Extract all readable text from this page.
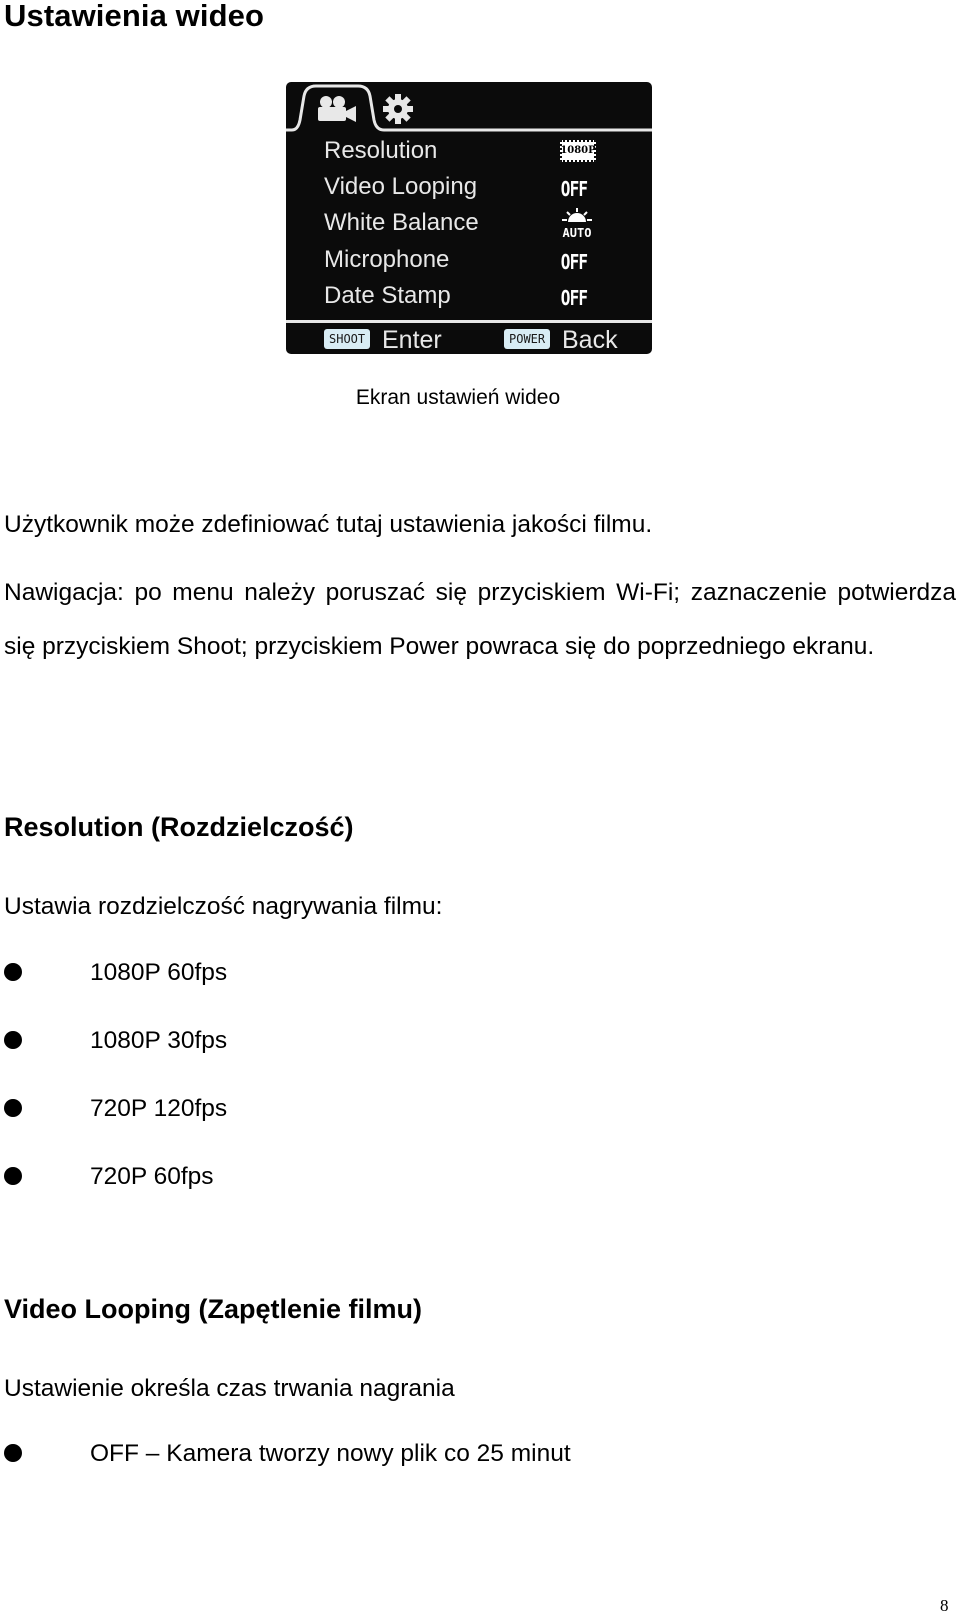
Ustawienia wideo
Resolution	1080P
Video Looping	OFF
White Balance	AUTO
Microphone	OFF
Date Stamp	OFF
SHOOT Enter	POWER Back
Ekran ustawień wideo

Użytkownik może zdefiniować tutaj ustawienia jakości filmu.

Nawigacja: po menu należy poruszać się przyciskiem Wi-Fi; zaznaczenie potwierdza się przyciskiem Shoot; przyciskiem Power powraca się do poprzedniego ekranu.

Resolution (Rozdzielczość)

Ustawia rozdzielczość nagrywania filmu:

1080P 60fps
1080P 30fps
720P 120fps
720P 60fps
Video Looping (Zapętlenie filmu)

Ustawienie określa czas trwania nagrania

OFF – Kamera tworzy nowy plik co 25 minut
8
